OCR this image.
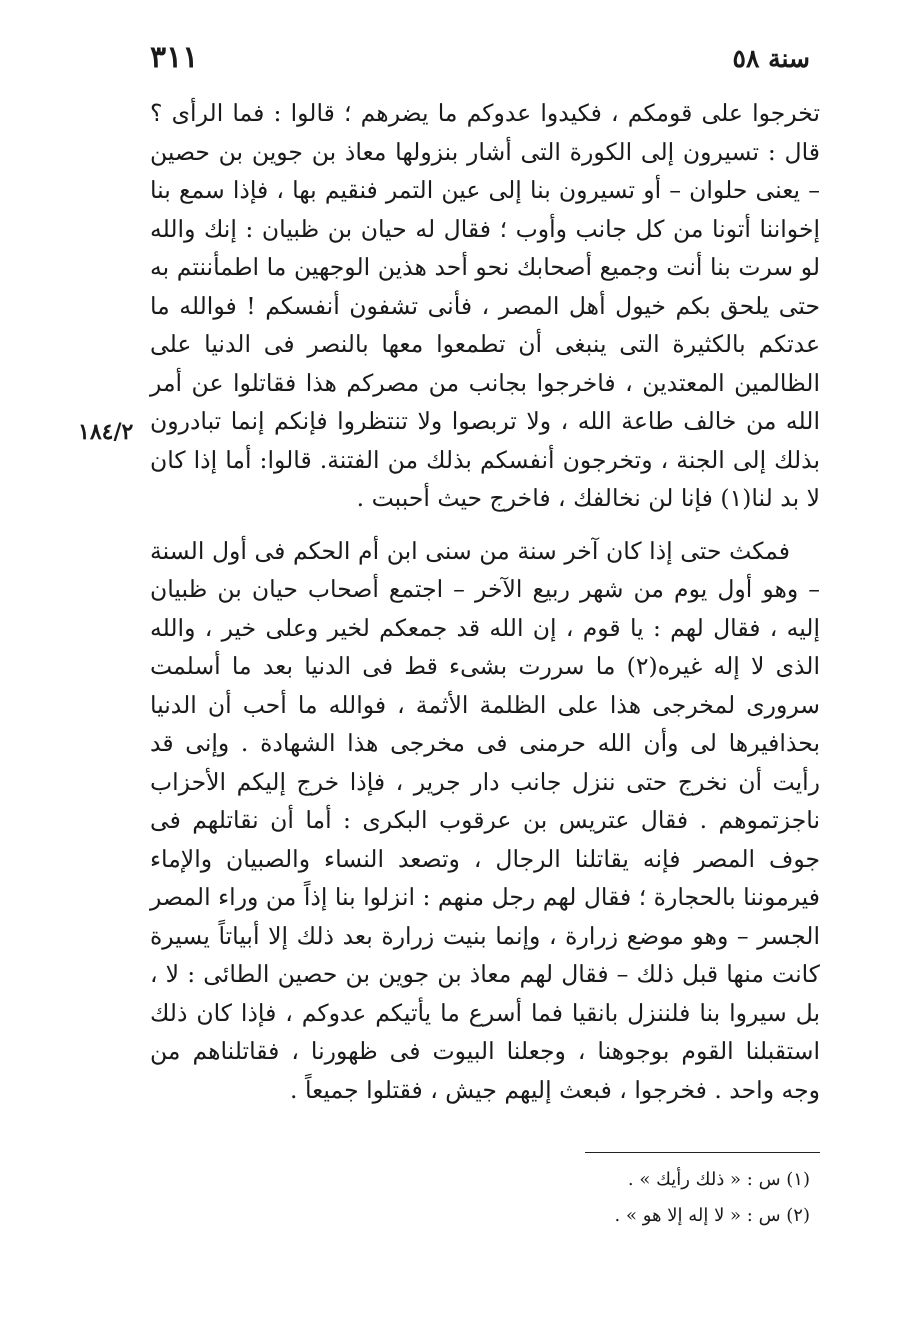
٣١١	سنة ٥٨
١٨٤/٢

تخرجوا على قومكم ، فكيدوا عدوكم ما يضرهم ؛ قالوا : فما الرأى ؟ قال : تسيرون إلى الكورة التى أشار بنزولها معاذ بن جوين بن حصين – يعنى حلوان – أو تسيرون بنا إلى عين التمر فنقيم بها ، فإذا سمع بنا إخواننا أتونا من كل جانب وأوب ؛ فقال له حيان بن ظبيان : إنك والله لو سرت بنا أنت وجميع أصحابك نحو أحد هذين الوجهين ما اطمأننتم به حتى يلحق بكم خيول أهل المصر ، فأنى تشفون أنفسكم ! فوالله ما عدتكم بالكثيرة التى ينبغى أن تطمعوا معها بالنصر فى الدنيا على الظالمين المعتدين ، فاخرجوا بجانب من مصركم هذا فقاتلوا عن أمر الله من خالف طاعة الله ، ولا تربصوا ولا تنتظروا فإنكم إنما تبادرون بذلك إلى الجنة ، وتخرجون أنفسكم بذلك من الفتنة. قالوا: أما إذا كان لا بد لنا(١) فإنا لن نخالفك ، فاخرج حيث أحببت .

فمكث حتى إذا كان آخر سنة من سنى ابن أم الحكم فى أول السنة – وهو أول يوم من شهر ربيع الآخر – اجتمع أصحاب حيان بن ظبيان إليه ، فقال لهم : يا قوم ، إن الله قد جمعكم لخير وعلى خير ، والله الذى لا إله غيره(٢) ما سررت بشىء قط فى الدنيا بعد ما أسلمت سرورى لمخرجى هذا على الظلمة الأثمة ، فوالله ما أحب أن الدنيا بحذافيرها لى وأن الله حرمنى فى مخرجى هذا الشهادة . وإنى قد رأيت أن نخرج حتى ننزل جانب دار جرير ، فإذا خرج إليكم الأحزاب ناجزتموهم . فقال عتريس بن عرقوب البكرى : أما أن نقاتلهم فى جوف المصر فإنه يقاتلنا الرجال ، وتصعد النساء والصبيان والإماء فيرموننا بالحجارة ؛ فقال لهم رجل منهم : انزلوا بنا إذاً من وراء المصر الجسر – وهو موضع زرارة ، وإنما بنيت زرارة بعد ذلك إلا أبياتاً يسيرة كانت منها قبل ذلك – فقال لهم معاذ بن جوين بن حصين الطائى : لا ، بل سيروا بنا فلننزل بانقيا فما أسرع ما يأتيكم عدوكم ، فإذا كان ذلك استقبلنا القوم بوجوهنا ، وجعلنا البيوت فى ظهورنا ، فقاتلناهم من وجه واحد . فخرجوا ، فبعث إليهم جيش ، فقتلوا جميعاً .

(١) س : « ذلك رأيك » .

(٢) س : « لا إله إلا هو » .
